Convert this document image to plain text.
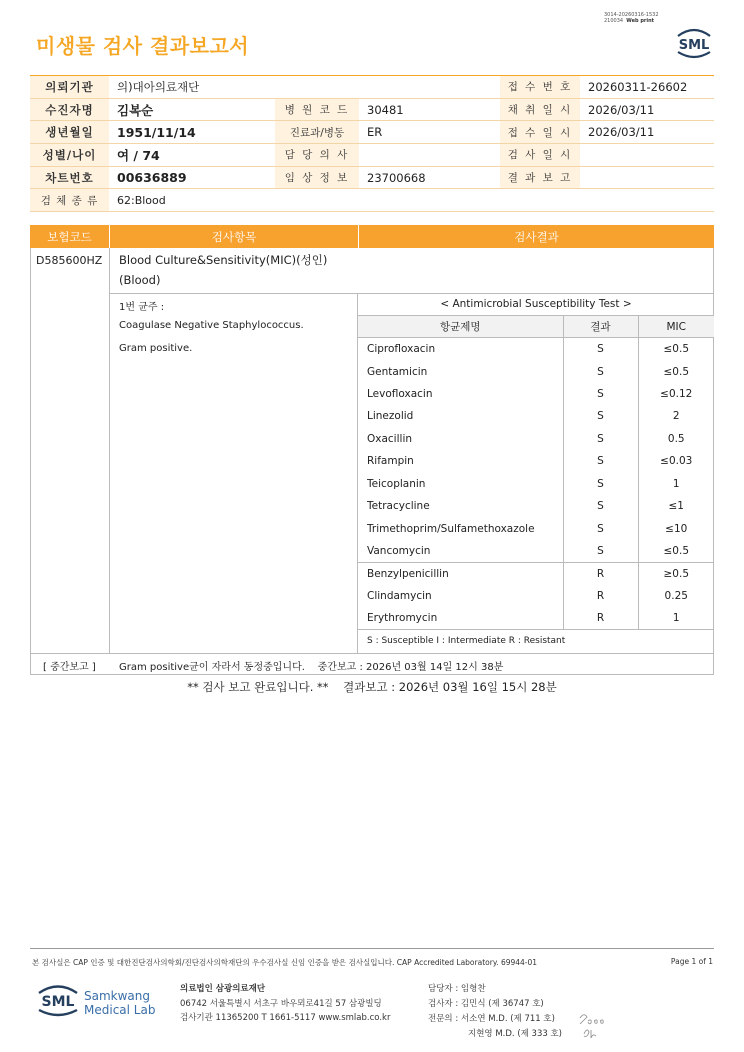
3014-20260316-1532
210034 Web print
미생물 검사 결과보고서	SML
의뢰기관	의)대아의료재단			접 수 번 호	20260311-26602
수진자명	김복순	병 원 코 드	30481	채 취 일 시	2026/03/11
생년월일	1951/11/14	진료과/병동	ER	접 수 일 시	2026/03/11
성별/나이	여 / 74	담 당 의 사		검 사 일 시	
차트번호	00636889	임 상 정 보	23700668	결 과 보 고	
검 체 종 류	62:Blood				
보험코드	검사항목	검사결과
D585600HZ Blood Culture&Sensitivity(MIC)(성인)
(Blood)
1번 균주 :
Coagulase Negative Staphylococcus.
Gram positive.
< Antimicrobial Susceptibility Test >		
항균제명	결과	MIC
Ciprofloxacin	S	≤0.5
Gentamicin	S	≤0.5
Levofloxacin	S	≤0.12
Linezolid	S	2
Oxacillin	S	0.5
Rifampin	S	≤0.03
Teicoplanin	S	1
Tetracycline	S	≤1
Trimethoprim/Sulfamethoxazole	S	≤10
Vancomycin	S	≤0.5
Benzylpenicillin	R	≥0.5
Clindamycin	R	0.25
Erythromycin	R	1
S : Susceptible I : Intermediate R : Resistant		
[ 중간보고 ] Gram positive균이 자라서 동정중입니다.    중간보고 : 2026년 03월 14일 12시 38분
** 검사 보고 완료입니다. **    결과보고 : 2026년 03월 16일 15시 28분
본 검사실은 CAP 인증 및 대한진단검사의학회/진단검사의학재단의 우수검사실 신임 인증을 받은 검사실입니다. CAP Accredited Laboratory. 69944-01	Page 1 of 1
SML Samkwang
Medical Lab
의료법인 삼광의료재단
06742 서울특별시 서초구 바우뫼로41길 57 삼광빌딩
검사기관 11365200 T 1661-5117 www.smlab.co.kr
담당자 : 임형찬
검사자 : 김민식 (제 36747 호)
전문의 : 서소연 M.D. (제 711 호)
지현영 M.D. (제 333 호)
